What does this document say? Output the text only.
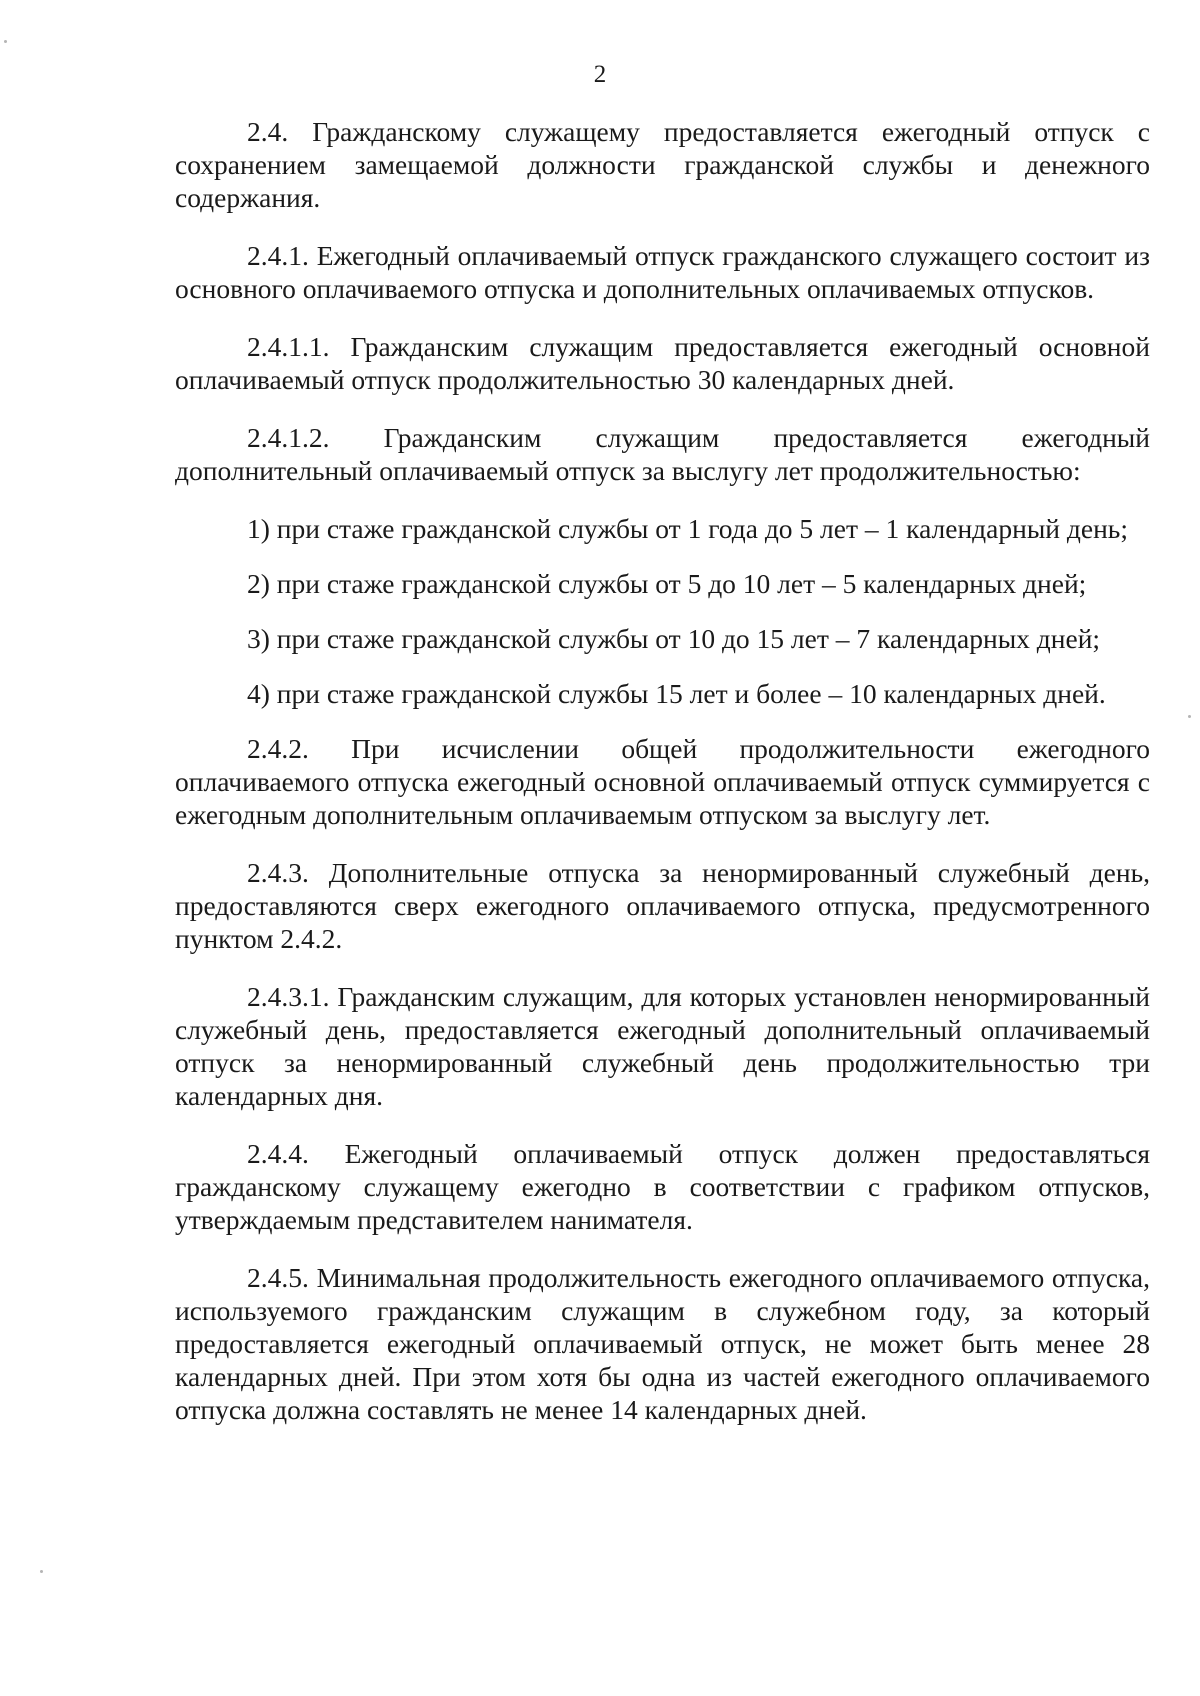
2

2.4. Гражданскому служащему предоставляется ежегодный отпуск с сохранением замещаемой должности гражданской службы и денежного содержания.

2.4.1. Ежегодный оплачиваемый отпуск гражданского служащего состоит из основного оплачиваемого отпуска и дополнительных оплачиваемых отпусков.

2.4.1.1. Гражданским служащим предоставляется ежегодный основной оплачиваемый отпуск продолжительностью 30 календарных дней.

2.4.1.2. Гражданским служащим предоставляется ежегодный дополнительный оплачиваемый отпуск за выслугу лет продолжительностью:

1) при стаже гражданской службы от 1 года до 5 лет – 1 календарный день;

2) при стаже гражданской службы от 5 до 10 лет – 5 календарных дней;

3) при стаже гражданской службы от 10 до 15 лет – 7 календарных дней;

4) при стаже гражданской службы 15 лет и более – 10 календарных дней.

2.4.2. При исчислении общей продолжительности ежегодного оплачиваемого отпуска ежегодный основной оплачиваемый отпуск суммируется с ежегодным дополнительным оплачиваемым отпуском за выслугу лет.

2.4.3. Дополнительные отпуска за ненормированный служебный день, предоставляются сверх ежегодного оплачиваемого отпуска, предусмотренного пунктом 2.4.2.

2.4.3.1. Гражданским служащим, для которых установлен ненормированный служебный день, предоставляется ежегодный дополнительный оплачиваемый отпуск за ненормированный служебный день продолжительностью три календарных дня.

2.4.4. Ежегодный оплачиваемый отпуск должен предоставляться гражданскому служащему ежегодно в соответствии с графиком отпусков, утверждаемым представителем нанимателя.

2.4.5. Минимальная продолжительность ежегодного оплачиваемого отпуска, используемого гражданским служащим в служебном году, за который предоставляется ежегодный оплачиваемый отпуск, не может быть менее 28 календарных дней. При этом хотя бы одна из частей ежегодного оплачиваемого отпуска должна составлять не менее 14 календарных дней.
